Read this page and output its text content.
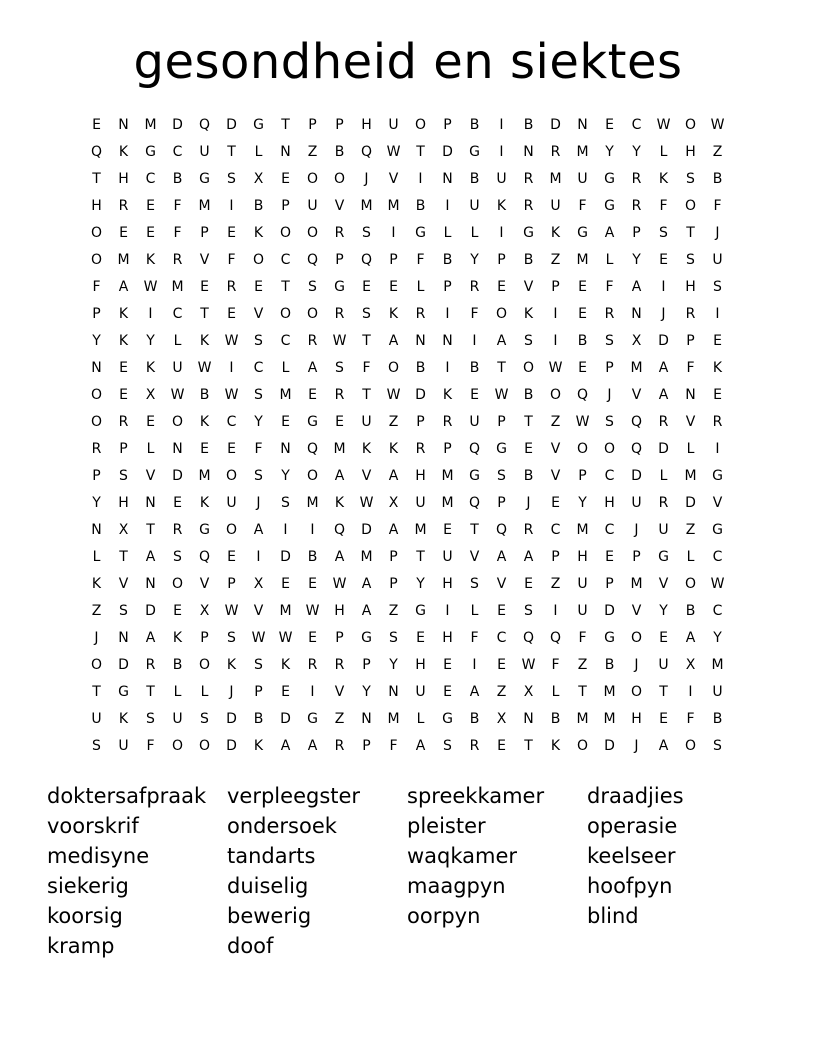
gesondheid en siektes
E	N	M	D	Q	D	G	T	P	P	H	U	O	P	B	I	B	D	N	E	C	W	O	W
Q	K	G	C	U	T	L	N	Z	B	Q	W	T	D	G	I	N	R	M	Y	Y	L	H	Z
T	H	C	B	G	S	X	E	O	O	J	V	I	N	B	U	R	M	U	G	R	K	S	B
H	R	E	F	M	I	B	P	U	V	M	M	B	I	U	K	R	U	F	G	R	F	O	F
O	E	E	F	P	E	K	O	O	R	S	I	G	L	L	I	G	K	G	A	P	S	T	J
O	M	K	R	V	F	O	C	Q	P	Q	P	F	B	Y	P	B	Z	M	L	Y	E	S	U
F	A	W	M	E	R	E	T	S	G	E	E	L	P	R	E	V	P	E	F	A	I	H	S
P	K	I	C	T	E	V	O	O	R	S	K	R	I	F	O	K	I	E	R	N	J	R	I
Y	K	Y	L	K	W	S	C	R	W	T	A	N	N	I	A	S	I	B	S	X	D	P	E
N	E	K	U	W	I	C	L	A	S	F	O	B	I	B	T	O	W	E	P	M	A	F	K
O	E	X	W	B	W	S	M	E	R	T	W	D	K	E	W	B	O	Q	J	V	A	N	E
O	R	E	O	K	C	Y	E	G	E	U	Z	P	R	U	P	T	Z	W	S	Q	R	V	R
R	P	L	N	E	E	F	N	Q	M	K	K	R	P	Q	G	E	V	O	O	Q	D	L	I
P	S	V	D	M	O	S	Y	O	A	V	A	H	M	G	S	B	V	P	C	D	L	M	G
Y	H	N	E	K	U	J	S	M	K	W	X	U	M	Q	P	J	E	Y	H	U	R	D	V
N	X	T	R	G	O	A	I	I	Q	D	A	M	E	T	Q	R	C	M	C	J	U	Z	G
L	T	A	S	Q	E	I	D	B	A	M	P	T	U	V	A	A	P	H	E	P	G	L	C
K	V	N	O	V	P	X	E	E	W	A	P	Y	H	S	V	E	Z	U	P	M	V	O	W
Z	S	D	E	X	W	V	M	W	H	A	Z	G	I	L	E	S	I	U	D	V	Y	B	C
J	N	A	K	P	S	W W	E	P	G	S	E	H	F	C	Q	Q	F	G	O	E	A	Y
O	D	R	B	O	K	S	K	R	R	P	Y	H	E	I	E	W	F	Z	B	J	U	X	M
T	G	T	L	L	J	P	E	I	V	Y	N	U	E	A	Z	X	L	T	M	O	T	I	U
U	K	S	U	S	D	B	D	G	Z	N	M	L	G	B	X	N	B	M	M	H	E	F	B
S	U	F	O	O	D	K	A	A	R	P	F	A	S	R	E	T	K	O	D	J	A	O	S
doktersafpraak
voorskrif
medisyne
siekerig
koorsig
kramp
verpleegster
ondersoek
tandarts
duiselig
bewerig
doof
spreekkamer
pleister
waqkamer
maagpyn
oorpyn
draadjies
operasie
keelseer
hoofpyn
blind
